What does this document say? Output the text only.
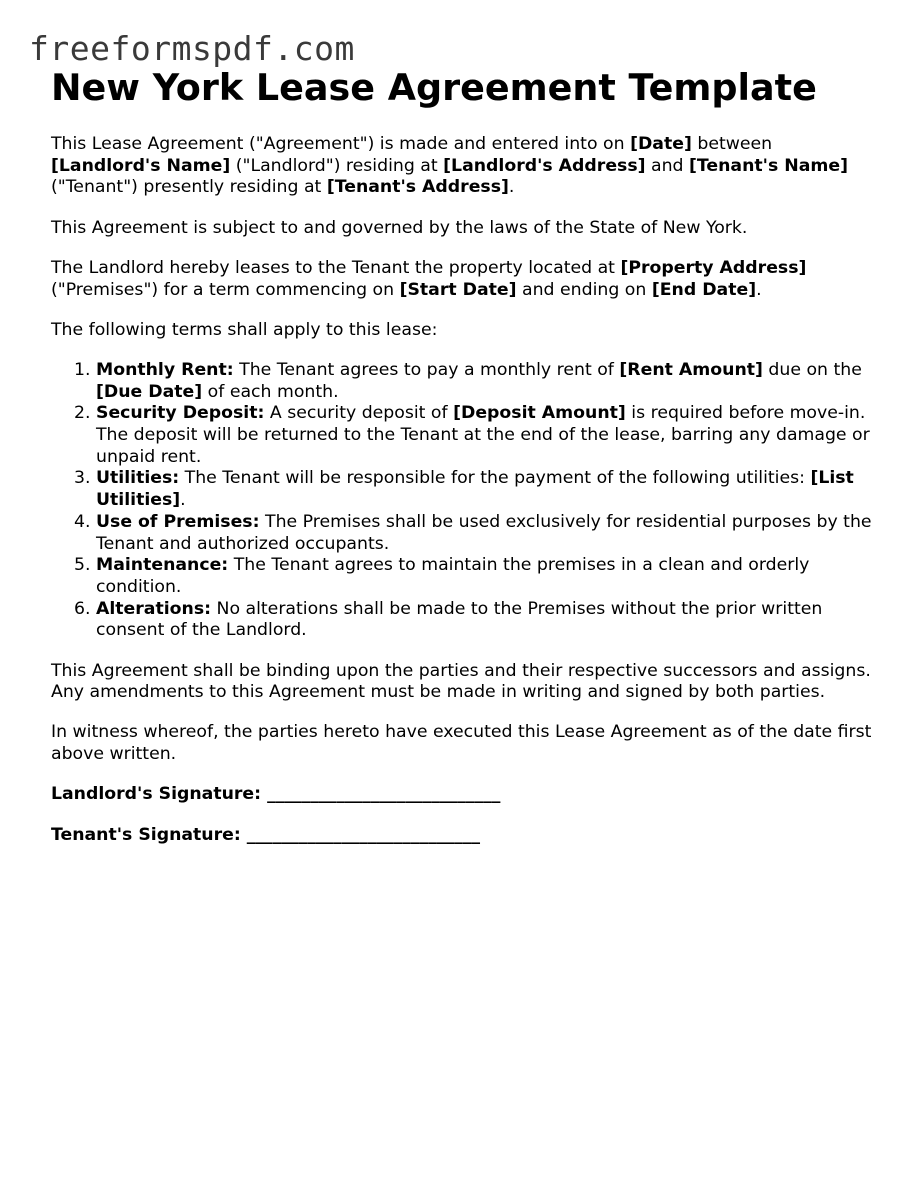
freeformspdf.com
New York Lease Agreement Template

This Lease Agreement ("Agreement") is made and entered into on [Date] between [Landlord's Name] ("Landlord") residing at [Landlord's Address] and [Tenant's Name] ("Tenant") presently residing at [Tenant's Address].

This Agreement is subject to and governed by the laws of the State of New York.

The Landlord hereby leases to the Tenant the property located at [Property Address] ("Premises") for a term commencing on [Start Date] and ending on [End Date].

The following terms shall apply to this lease:

1. Monthly Rent: The Tenant agrees to pay a monthly rent of [Rent Amount] due on the [Due Date] of each month.
2. Security Deposit: A security deposit of [Deposit Amount] is required before move-in. The deposit will be returned to the Tenant at the end of the lease, barring any damage or unpaid rent.
3. Utilities: The Tenant will be responsible for the payment of the following utilities: [List Utilities].
4. Use of Premises: The Premises shall be used exclusively for residential purposes by the Tenant and authorized occupants.
5. Maintenance: The Tenant agrees to maintain the premises in a clean and orderly condition.
6. Alterations: No alterations shall be made to the Premises without the prior written consent of the Landlord.

This Agreement shall be binding upon the parties and their respective successors and assigns. Any amendments to this Agreement must be made in writing and signed by both parties.

In witness whereof, the parties hereto have executed this Lease Agreement as of the date first above written.

Landlord's Signature: ___________________________

Tenant's Signature: ___________________________
